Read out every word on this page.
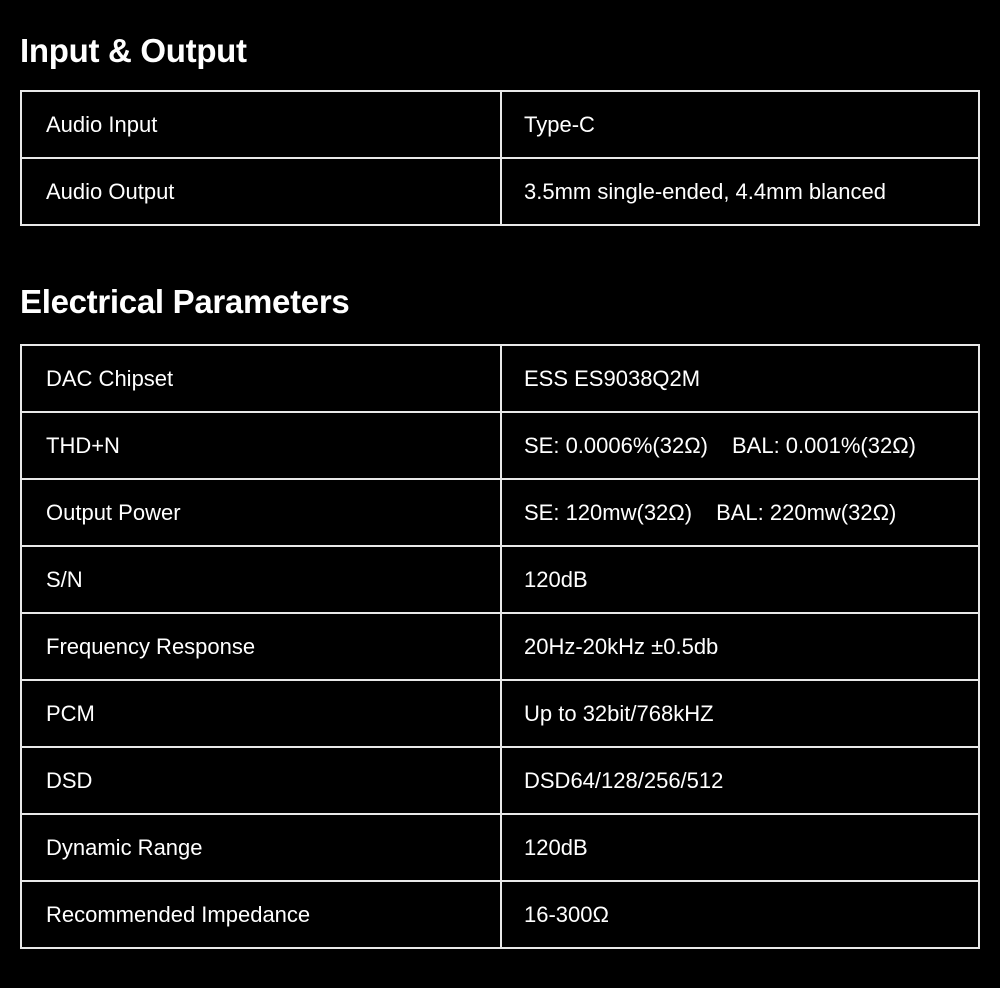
Input & Output
Audio Input	Type-C
Audio Output	3.5mm single-ended, 4.4mm blanced
Electrical Parameters
DAC Chipset	ESS ES9038Q2M
THD+N	SE: 0.0006%(32Ω) BAL: 0.001%(32Ω)
Output Power	SE: 120mw(32Ω) BAL: 220mw(32Ω)
S/N	120dB
Frequency Response	20Hz-20kHz ±0.5db
PCM	Up to 32bit/768kHZ
DSD	DSD64/128/256/512
Dynamic Range	120dB
Recommended Impedance	16-300Ω
